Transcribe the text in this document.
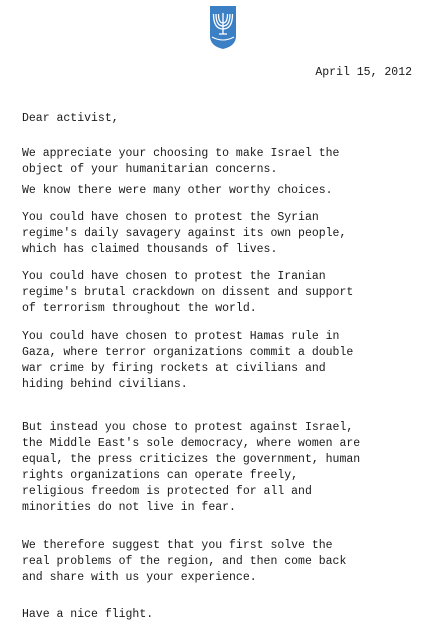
April 15, 2012
Dear activist,
We appreciate your choosing to make Israel the
object of your humanitarian concerns.
We know there were many other worthy choices.
You could have chosen to protest the Syrian
regime's daily savagery against its own people,
which has claimed thousands of lives.
You could have chosen to protest the Iranian
regime's brutal crackdown on dissent and support
of terrorism throughout the world.
You could have chosen to protest Hamas rule in
Gaza, where terror organizations commit a double
war crime by firing rockets at civilians and
hiding behind civilians.
But instead you chose to protest against Israel,
the Middle East's sole democracy, where women are
equal, the press criticizes the government, human
rights organizations can operate freely,
religious freedom is protected for all and
minorities do not live in fear.
We therefore suggest that you first solve the
real problems of the region, and then come back
and share with us your experience.
Have a nice flight.
